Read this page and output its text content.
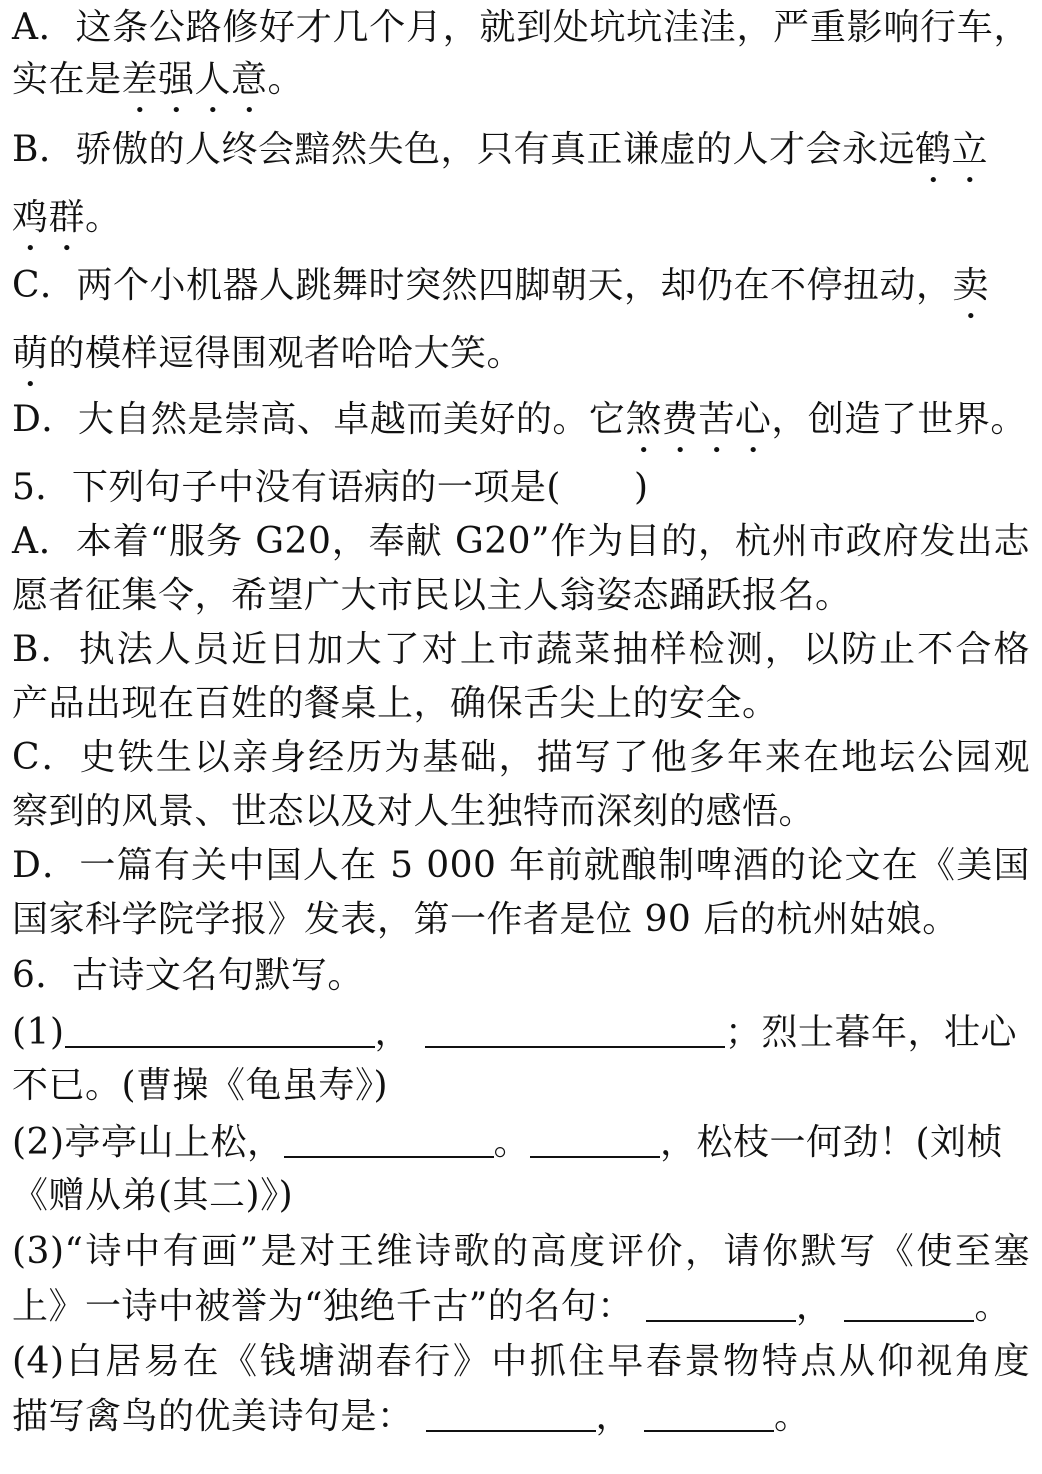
A．这条公路修好才几个月，就到处坑坑洼洼，严重影响行车，
实在是差强人意。
B．骄傲的人终会黯然失色，只有真正谦虚的人才会永远鹤立
鸡群。
C．两个小机器人跳舞时突然四脚朝天，却仍在不停扭动，卖
萌的模样逗得围观者哈哈大笑。
D．大自然是崇高、卓越而美好的。它煞费苦心，创造了世界。
5．下列句子中没有语病的一项是(　　)
A．本着“服务 G20，奉献 G20”作为目的，杭州市政府发出志
愿者征集令，希望广大市民以主人翁姿态踊跃报名。
B．执法人员近日加大了对上市蔬菜抽样检测，以防止不合格
产品出现在百姓的餐桌上，确保舌尖上的安全。
C．史铁生以亲身经历为基础，描写了他多年来在地坛公园观
察到的风景、世态以及对人生独特而深刻的感悟。
D．一篇有关中国人在 5 000 年前就酿制啤酒的论文在《美国
国家科学院学报》发表，第一作者是位 90 后的杭州姑娘。
6．古诗文名句默写。
(1)	，	；烈士暮年，壮心
不已。(曹操《龟虽寿》)
(2)亭亭山上松，	。	，松枝一何劲！(刘桢
《赠从弟(其二)》)
(3)“诗中有画”是对王维诗歌的高度评价，请你默写《使至塞
上》一诗中被誉为“独绝千古”的名句：	，	。
(4)白居易在《钱塘湖春行》中抓住早春景物特点从仰视角度
描写禽鸟的优美诗句是：	，	。
